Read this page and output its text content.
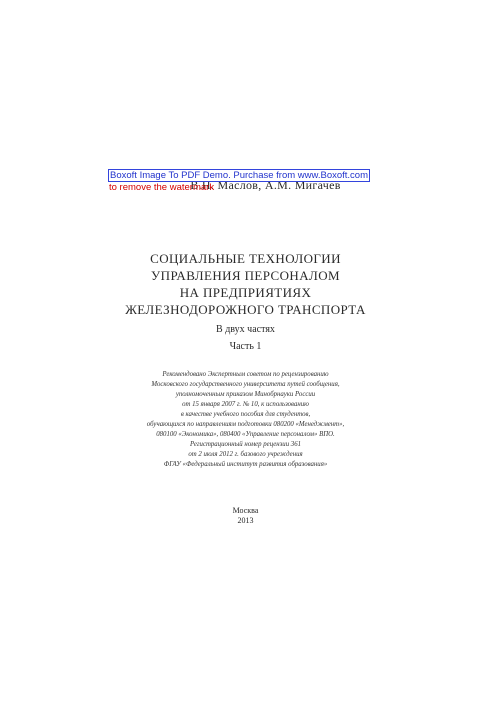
Boxoft Image To PDF Demo. Purchase from www.Boxoft.com
to remove the watermark
В.Н. Маслов, А.М. Мигачев
СОЦИАЛЬНЫЕ ТЕХНОЛОГИИ
УПРАВЛЕНИЯ ПЕРСОНАЛОМ
НА ПРЕДПРИЯТИЯХ
ЖЕЛЕЗНОДОРОЖНОГО ТРАНСПОРТА
В двух частях
Часть 1
Рекомендовано Экспертным советом по рецензированию
Московского государственного университета путей сообщения,
уполномоченным приказом Минобрнауки России
от 15 января 2007 г. № 10, к использованию
в качестве учебного пособия для студентов,
обучающихся по направлениям подготовки 080200 «Менеджмент»,
080100 «Экономика», 080400 «Управление персоналом» ВПО.
Регистрационный номер рецензии 361
от 2 июля 2012 г. базового учреждения
ФГАУ «Федеральный институт развития образования»
Москва
2013
